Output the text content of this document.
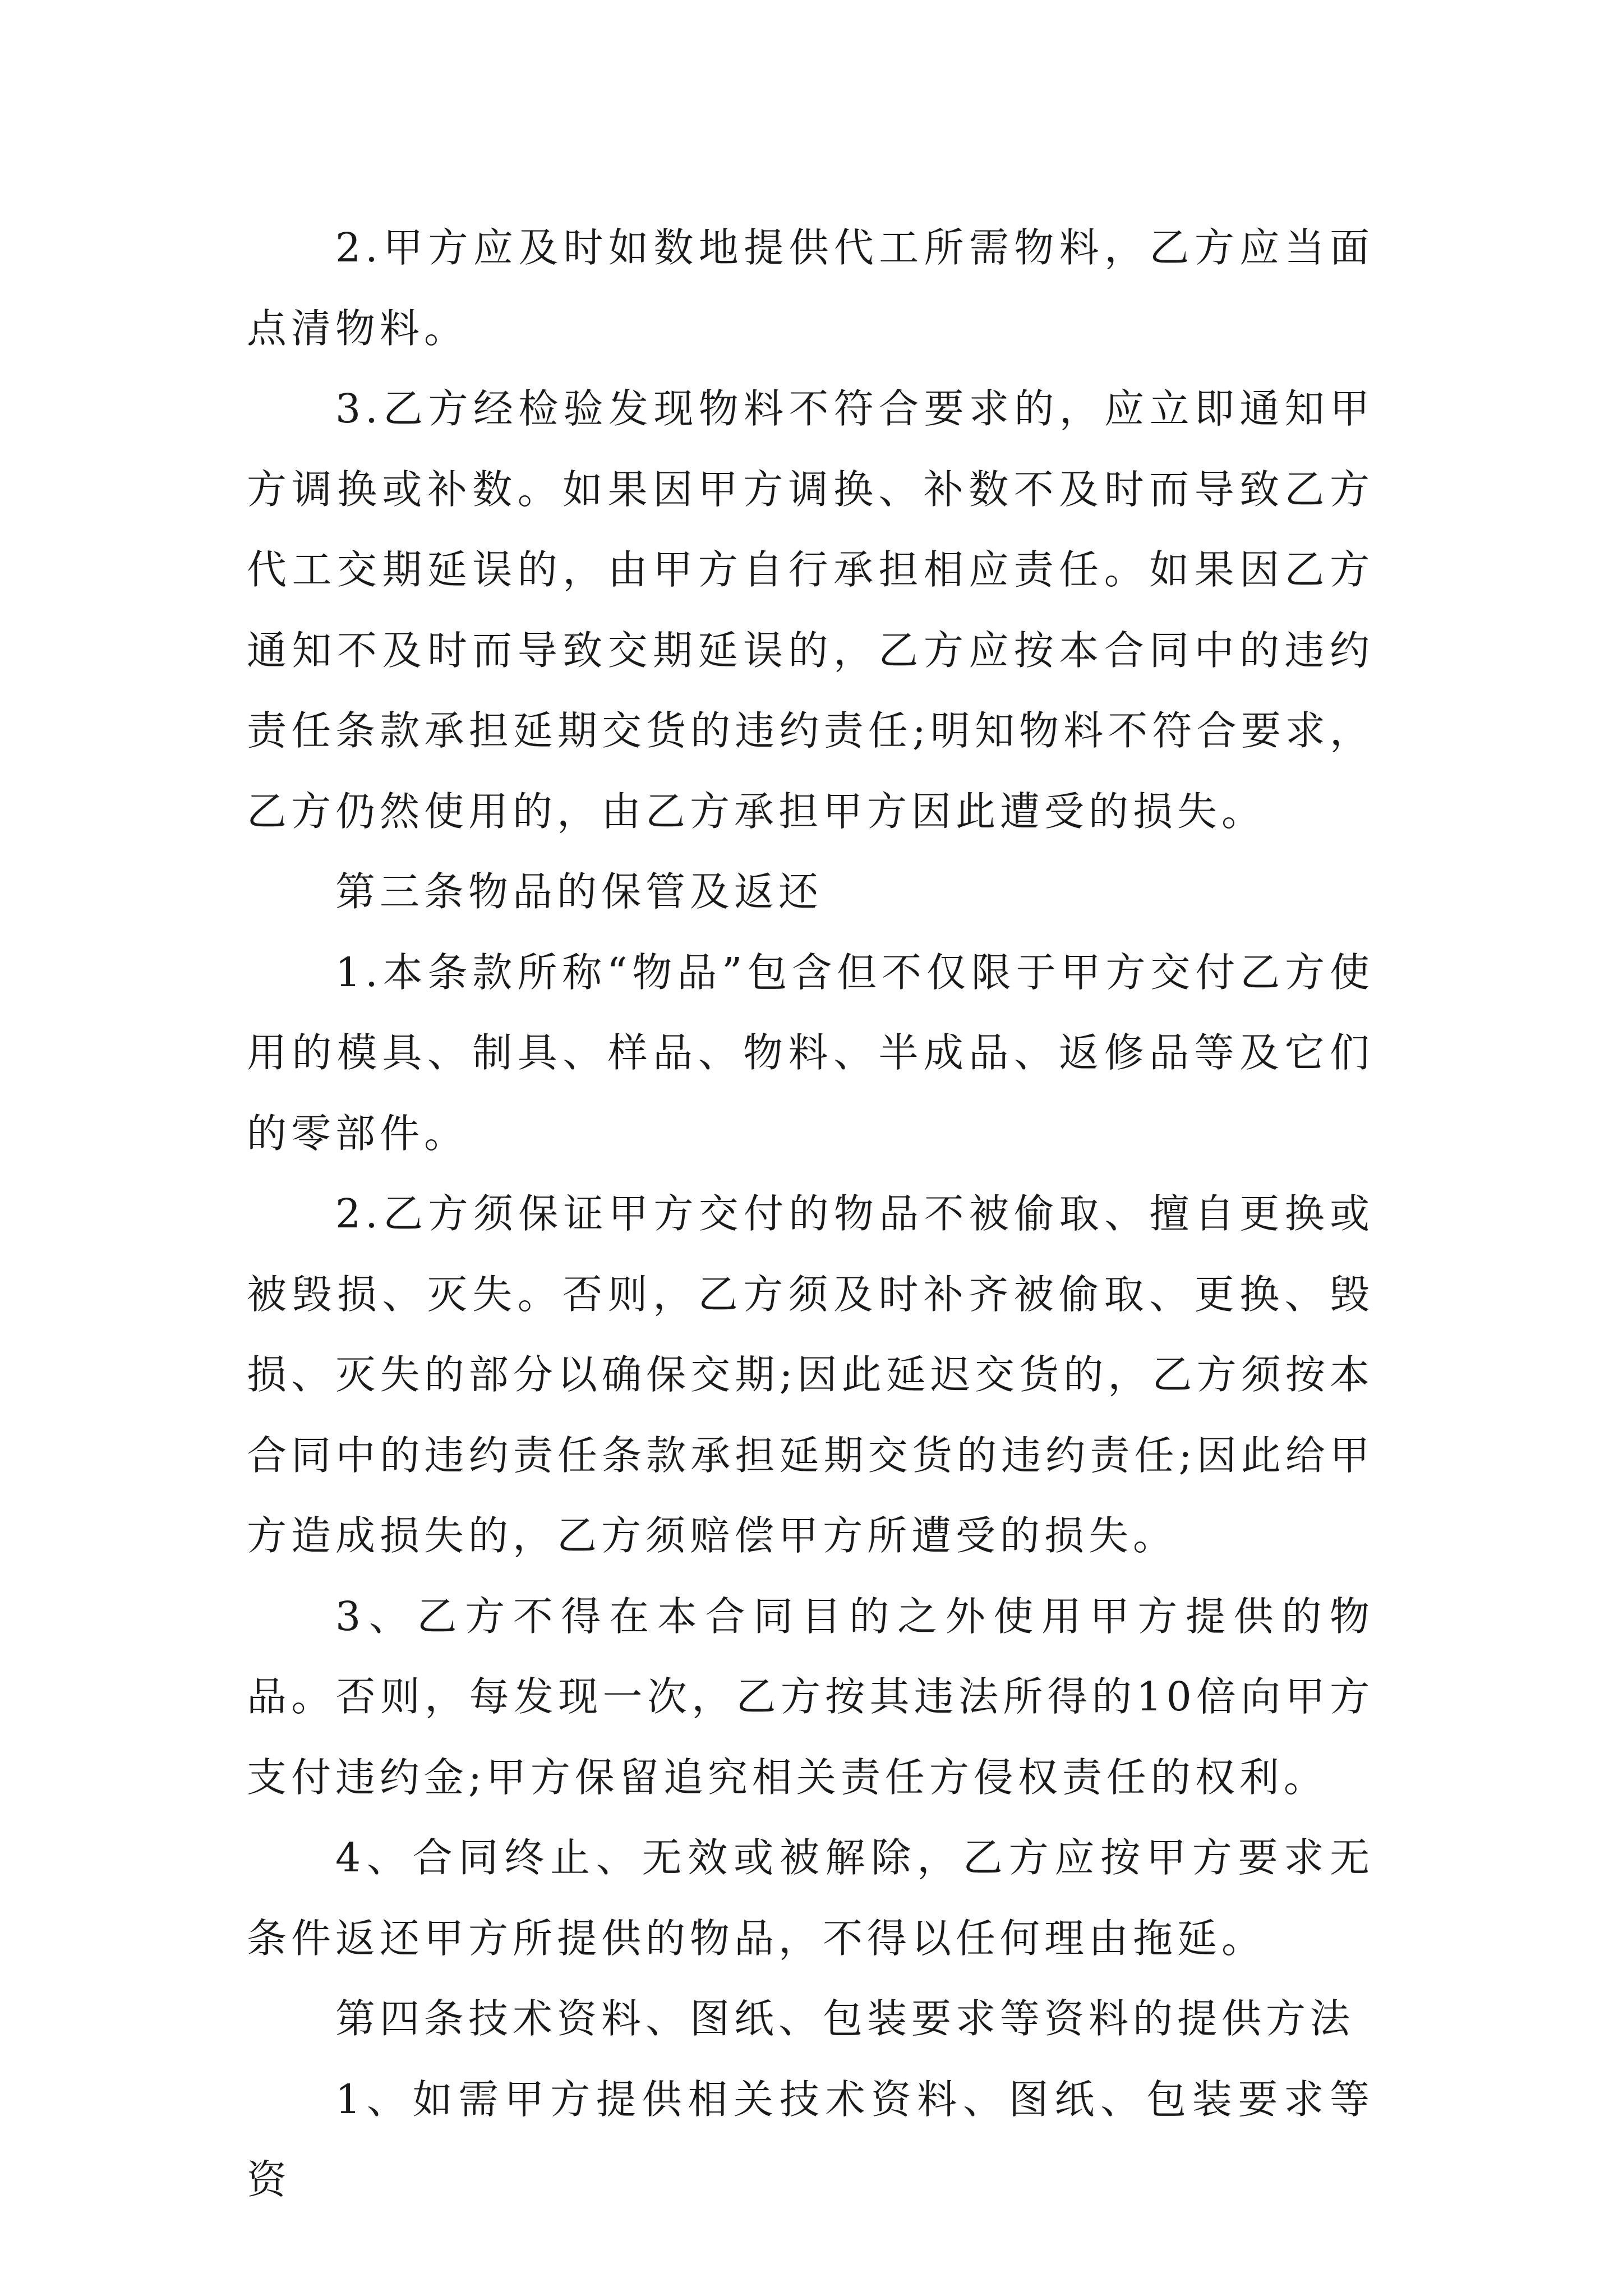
2.甲方应及时如数地提供代工所需物料，乙方应当面点清物料。

3.乙方经检验发现物料不符合要求的，应立即通知甲方调换或补数。如果因甲方调换、补数不及时而导致乙方代工交期延误的，由甲方自行承担相应责任。如果因乙方通知不及时而导致交期延误的，乙方应按本合同中的违约责任条款承担延期交货的违约责任;明知物料不符合要求，乙方仍然使用的，由乙方承担甲方因此遭受的损失。

第三条物品的保管及返还

1.本条款所称“物品”包含但不仅限于甲方交付乙方使用的模具、制具、样品、物料、半成品、返修品等及它们的零部件。

2.乙方须保证甲方交付的物品不被偷取、擅自更换或被毁损、灭失。否则，乙方须及时补齐被偷取、更换、毁损、灭失的部分以确保交期;因此延迟交货的，乙方须按本合同中的违约责任条款承担延期交货的违约责任;因此给甲方造成损失的，乙方须赔偿甲方所遭受的损失。

3、乙方不得在本合同目的之外使用甲方提供的物品。否则，每发现一次，乙方按其违法所得的10倍向甲方支付违约金;甲方保留追究相关责任方侵权责任的权利。

4、合同终止、无效或被解除，乙方应按甲方要求无条件返还甲方所提供的物品，不得以任何理由拖延。

第四条技术资料、图纸、包装要求等资料的提供方法

1、如需甲方提供相关技术资料、图纸、包装要求等资
